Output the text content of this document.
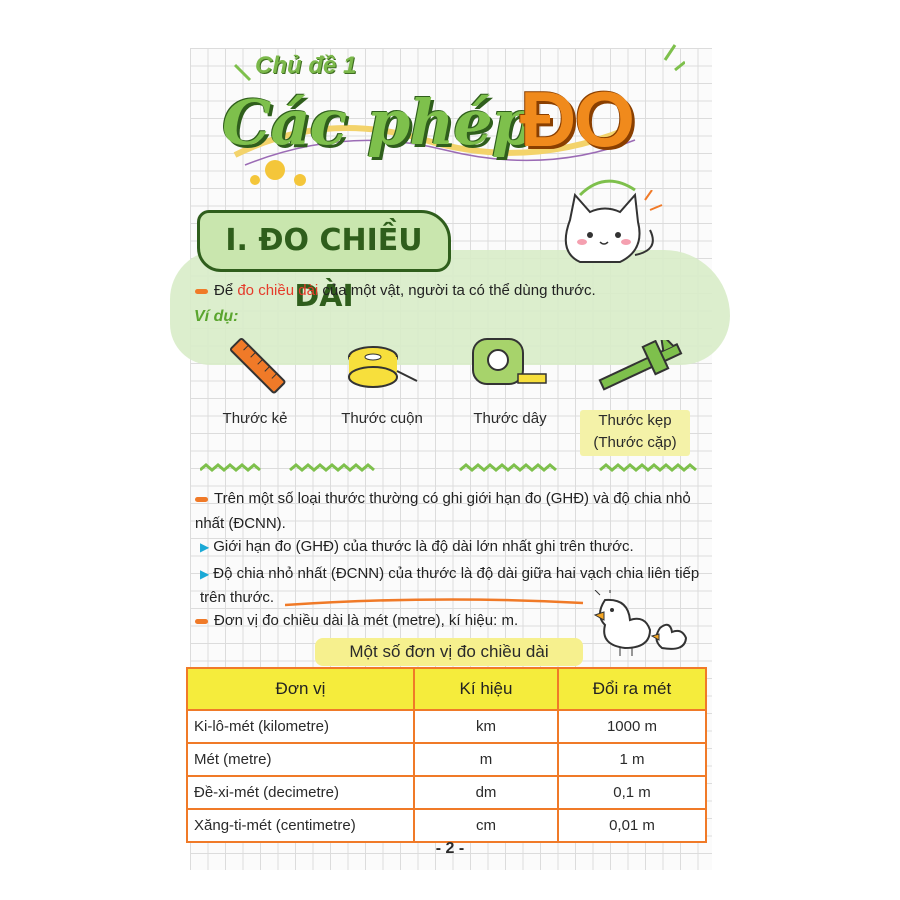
Chủ đề 1
Các phép
ĐO
I. ĐO CHIỀU DÀI
Để đo chiều dài của một vật, người ta có thể dùng thước.
Ví dụ:
Thước kẻ	Thước cuộn	Thước dây	Thước kẹp
(Thước cặp)
Trên một số loại thước thường có ghi giới hạn đo (GHĐ) và độ chia nhỏ
nhất (ĐCNN).
▶ Giới hạn đo (GHĐ) của thước là độ dài lớn nhất ghi trên thước.
▶ Độ chia nhỏ nhất (ĐCNN) của thước là độ dài giữa hai vạch chia liên tiếp
trên thước.
Đơn vị đo chiều dài là mét (metre), kí hiệu: m.
Một số đơn vị đo chiều dài
Đơn vị	Kí hiệu	Đổi ra mét
Ki-lô-mét (kilometre)	km	1000 m
Mét (metre)	m	1 m
Đề-xi-mét (decimetre)	dm	0,1 m
Xăng-ti-mét (centimetre)	cm	0,01 m
- 2 -
